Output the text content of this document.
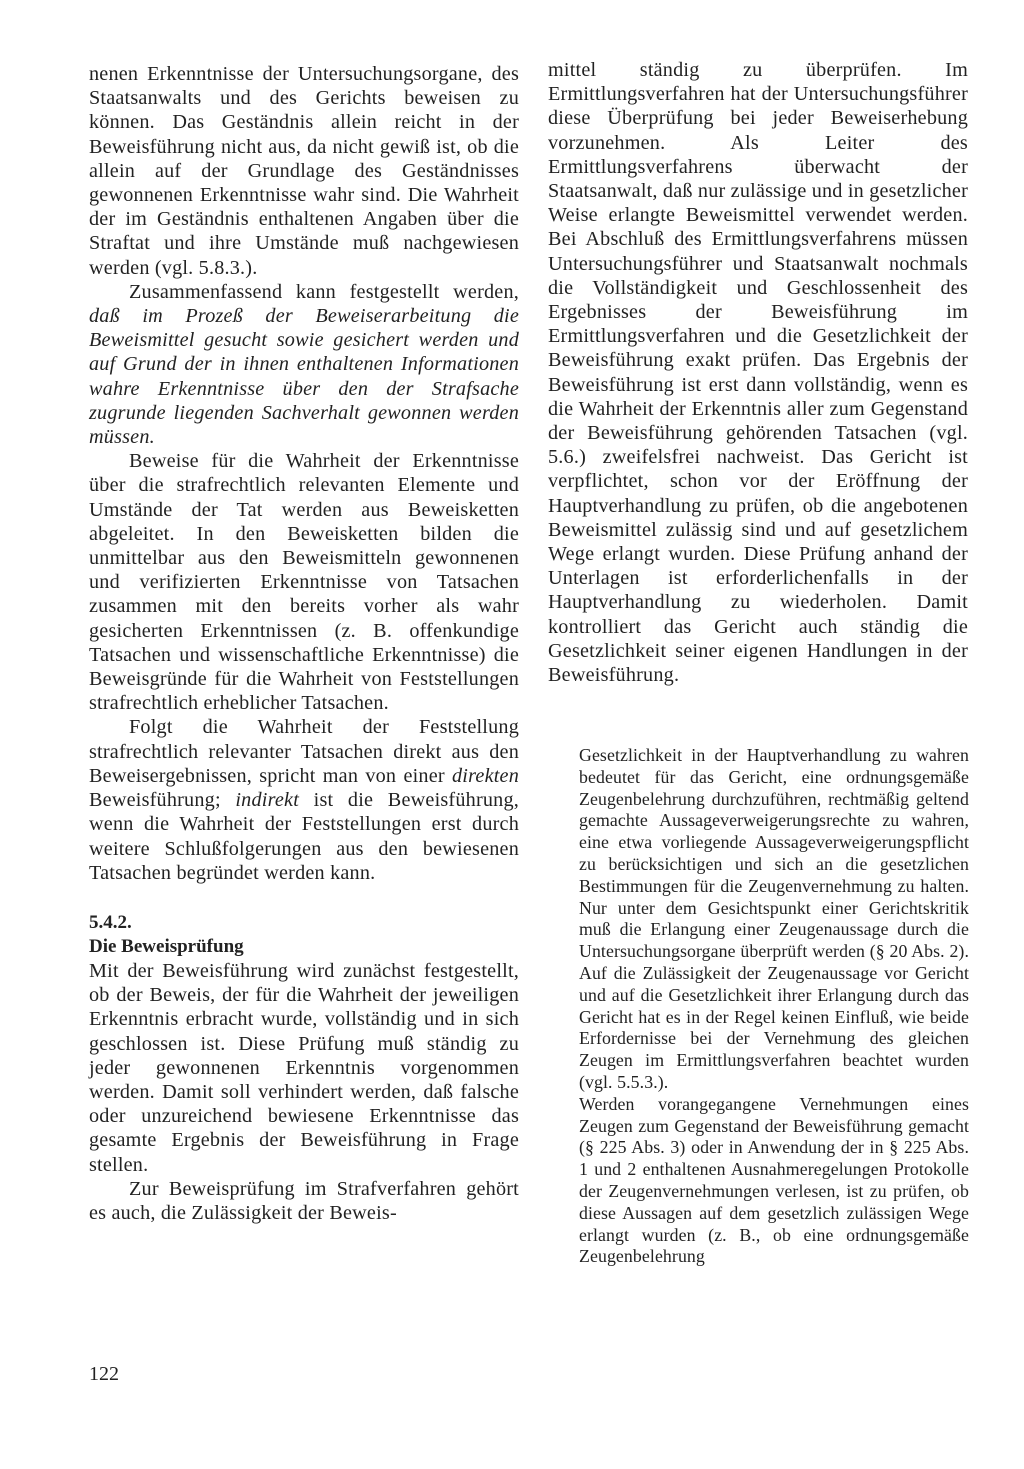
nenen Erkenntnisse der Untersuchungsorgane, des Staatsanwalts und des Gerichts beweisen zu können. Das Geständnis allein reicht in der Beweisführung nicht aus, da nicht gewiß ist, ob die allein auf der Grundlage des Geständnisses gewonnenen Erkenntnisse wahr sind. Die Wahrheit der im Geständnis enthaltenen Angaben über die Straftat und ihre Umstände muß nachgewiesen werden (vgl. 5.8.3.).

Zusammenfassend kann festgestellt werden, daß im Prozeß der Beweiserarbeitung die Beweismittel gesucht sowie gesichert werden und auf Grund der in ihnen enthaltenen Informationen wahre Erkenntnisse über den der Strafsache zugrunde liegenden Sachverhalt gewonnen werden müssen.

Beweise für die Wahrheit der Erkenntnisse über die strafrechtlich relevanten Elemente und Umstände der Tat werden aus Beweisketten abgeleitet. In den Beweisketten bilden die unmittelbar aus den Beweismitteln gewonnenen und verifizierten Erkenntnisse von Tatsachen zusammen mit den bereits vorher als wahr gesicherten Erkenntnissen (z. B. offenkundige Tatsachen und wissenschaftliche Erkenntnisse) die Beweisgründe für die Wahrheit von Feststellungen strafrechtlich erheblicher Tatsachen.

Folgt die Wahrheit der Feststellung strafrechtlich relevanter Tatsachen direkt aus den Beweisergebnissen, spricht man von einer direkten Beweisführung; indirekt ist die Beweisführung, wenn die Wahrheit der Feststellungen erst durch weitere Schlußfolgerungen aus den bewiesenen Tatsachen begründet werden kann.

5.4.2.
Die Beweisprüfung

Mit der Beweisführung wird zunächst festgestellt, ob der Beweis, der für die Wahrheit der jeweiligen Erkenntnis erbracht wurde, vollständig und in sich geschlossen ist. Diese Prüfung muß ständig zu jeder gewonnenen Erkenntnis vorgenommen werden. Damit soll verhindert werden, daß falsche oder unzureichend bewiesene Erkenntnisse das gesamte Ergebnis der Beweisführung in Frage stellen.

Zur Beweisprüfung im Strafverfahren gehört es auch, die Zulässigkeit der Beweis-

mittel ständig zu überprüfen. Im Ermittlungsverfahren hat der Untersuchungsführer diese Überprüfung bei jeder Beweiserhebung vorzunehmen. Als Leiter des Ermittlungsverfahrens überwacht der Staatsanwalt, daß nur zulässige und in gesetzlicher Weise erlangte Beweismittel verwendet werden. Bei Abschluß des Ermittlungsverfahrens müssen Untersuchungsführer und Staatsanwalt nochmals die Vollständigkeit und Geschlossenheit des Ergebnisses der Beweisführung im Ermittlungsverfahren und die Gesetzlichkeit der Beweisführung exakt prüfen. Das Ergebnis der Beweisführung ist erst dann vollständig, wenn es die Wahrheit der Erkenntnis aller zum Gegenstand der Beweisführung gehörenden Tatsachen (vgl. 5.6.) zweifelsfrei nachweist. Das Gericht ist verpflichtet, schon vor der Eröffnung der Hauptverhandlung zu prüfen, ob die angebotenen Beweismittel zulässig sind und auf gesetzlichem Wege erlangt wurden. Diese Prüfung anhand der Unterlagen ist erforderlichenfalls in der Hauptverhandlung zu wiederholen. Damit kontrolliert das Gericht auch ständig die Gesetzlichkeit seiner eigenen Handlungen in der Beweisführung.

Gesetzlichkeit in der Hauptverhandlung zu wahren bedeutet für das Gericht, eine ordnungsgemäße Zeugenbelehrung durchzuführen, rechtmäßig geltend gemachte Aussageverweigerungsrechte zu wahren, eine etwa vorliegende Aussageverweigerungspflicht zu berücksichtigen und sich an die gesetzlichen Bestimmungen für die Zeugenvernehmung zu halten. Nur unter dem Gesichtspunkt einer Gerichtskritik muß die Erlangung einer Zeugenaussage durch die Untersuchungsorgane überprüft werden (§ 20 Abs. 2). Auf die Zulässigkeit der Zeugenaussage vor Gericht und auf die Gesetzlichkeit ihrer Erlangung durch das Gericht hat es in der Regel keinen Einfluß, wie beide Erfordernisse bei der Vernehmung des gleichen Zeugen im Ermittlungsverfahren beachtet wurden (vgl. 5.5.3.).

Werden vorangegangene Vernehmungen eines Zeugen zum Gegenstand der Beweisführung gemacht (§ 225 Abs. 3) oder in Anwendung der in § 225 Abs. 1 und 2 enthaltenen Ausnahmeregelungen Protokolle der Zeugenvernehmungen verlesen, ist zu prüfen, ob diese Aussagen auf dem gesetzlich zulässigen Wege erlangt wurden (z. B., ob eine ordnungsgemäße Zeugenbelehrung

122
